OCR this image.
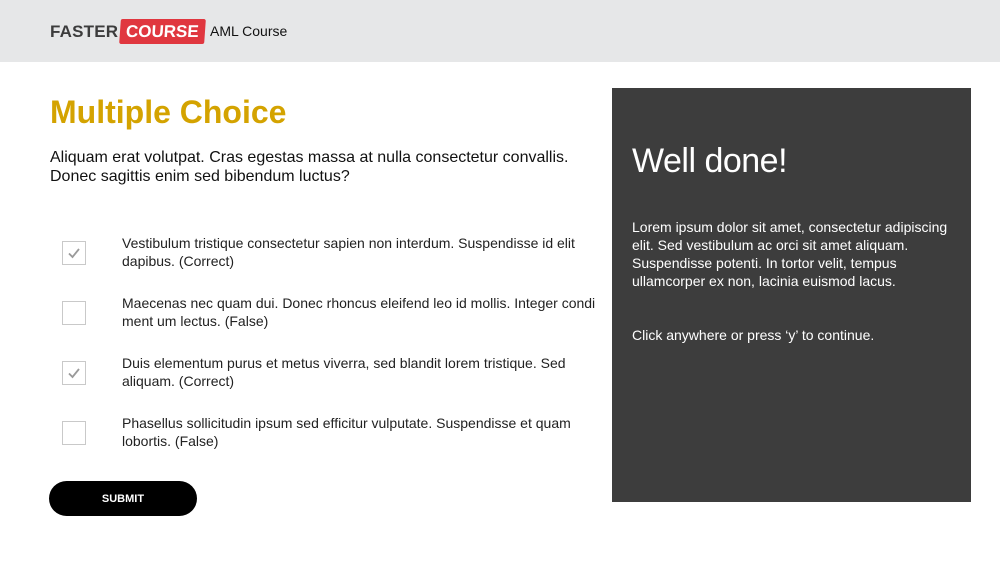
FASTER COURSE AML Course
Multiple Choice

Aliquam erat volutpat. Cras egestas massa at nulla consectetur convallis. Donec sagittis enim sed bibendum luctus?

Vestibulum tristique consectetur sapien non interdum. Suspendisse id elit dapibus. (Correct)
Maecenas nec quam dui. Donec rhoncus eleifend leo id mollis. Integer condi ment um lectus. (False)
Duis elementum purus et metus viverra, sed blandit lorem tristique. Sed aliquam. (Correct)
Phasellus sollicitudin ipsum sed efficitur vulputate. Suspendisse et quam lobortis. (False)
SUBMIT
Well done!
Lorem ipsum dolor sit amet, consectetur adipiscing elit. Sed vestibulum ac orci sit amet aliquam. Suspendisse potenti. In tortor velit, tempus ullamcorper ex non, lacinia euismod lacus.
Click anywhere or press ‘y’ to continue.
